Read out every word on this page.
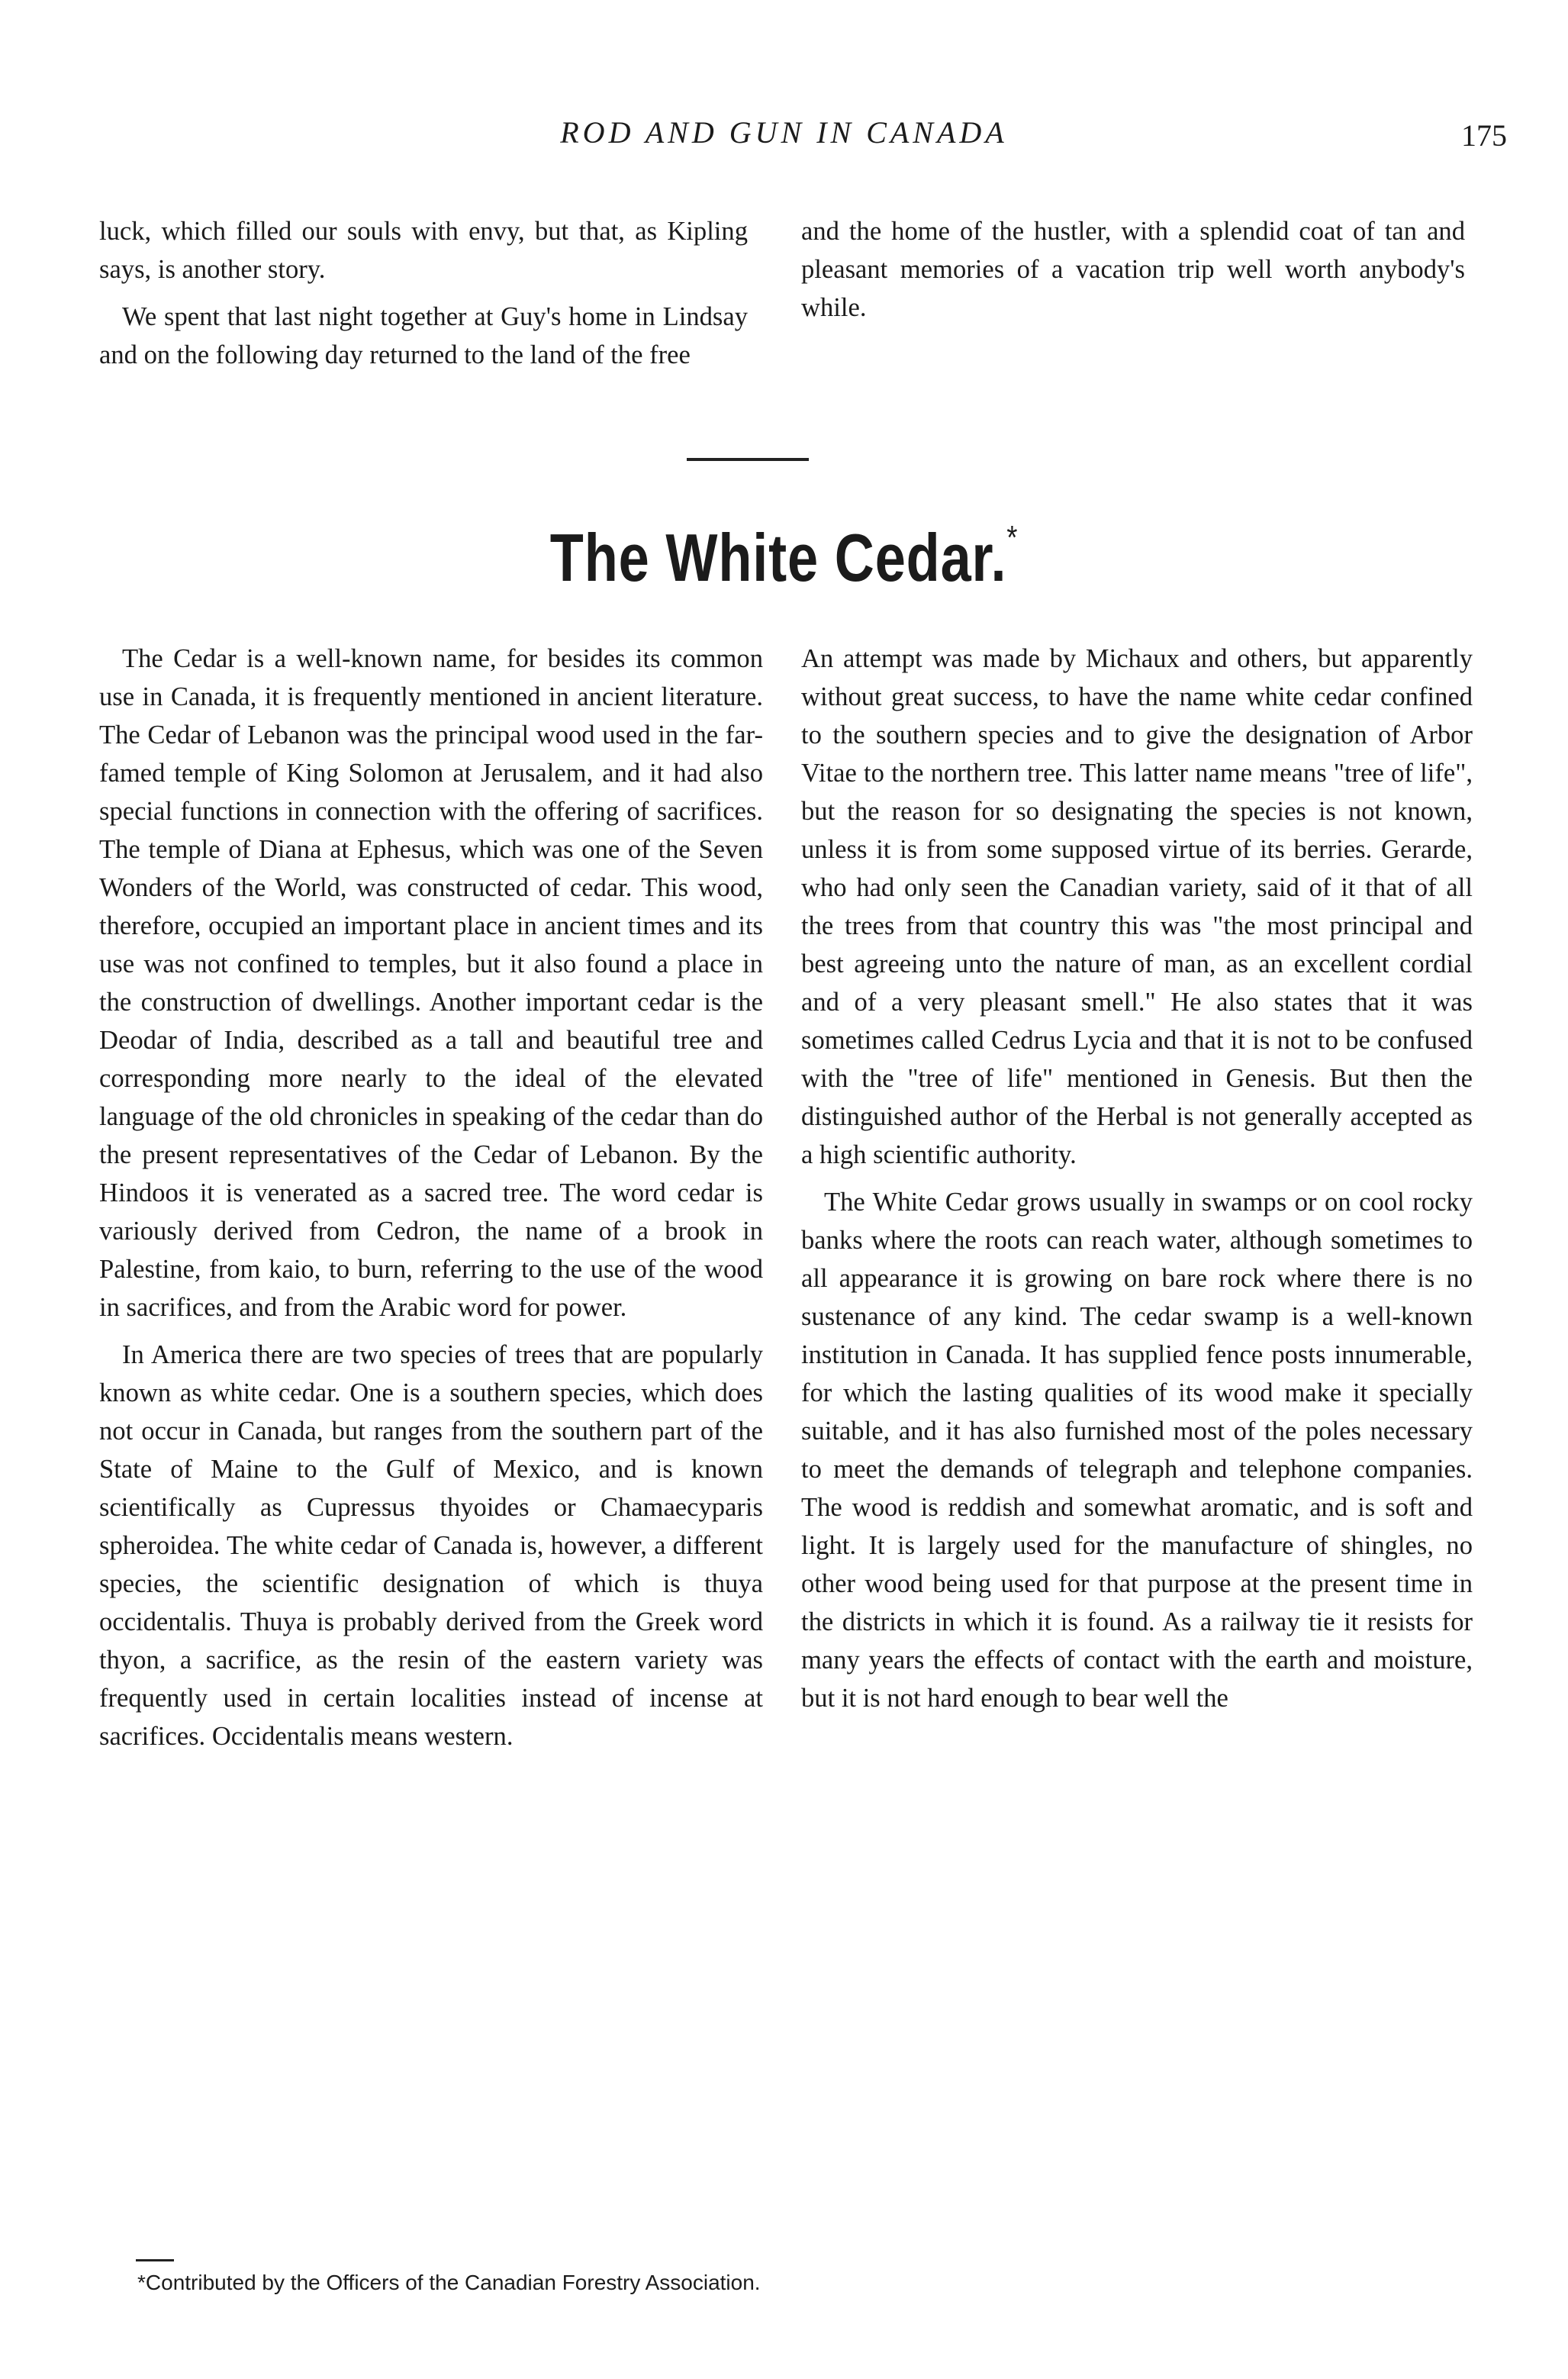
ROD AND GUN IN CANADA	175

luck, which filled our souls with envy, but that, as Kipling says, is another story.

We spent that last night together at Guy's home in Lindsay and on the following day returned to the land of the free

and the home of the hustler, with a splendid coat of tan and pleasant memories of a vacation trip well worth anybody's while.

The White Cedar.*

The Cedar is a well-known name, for besides its common use in Canada, it is frequently mentioned in ancient literature. The Cedar of Lebanon was the principal wood used in the far-famed temple of King Solomon at Jerusalem, and it had also special functions in connection with the offering of sacrifices. The temple of Diana at Ephesus, which was one of the Seven Wonders of the World, was constructed of cedar. This wood, therefore, occupied an important place in ancient times and its use was not confined to temples, but it also found a place in the construction of dwellings. Another important cedar is the Deodar of India, described as a tall and beautiful tree and corresponding more nearly to the ideal of the elevated language of the old chronicles in speaking of the cedar than do the present representatives of the Cedar of Lebanon. By the Hindoos it is venerated as a sacred tree. The word cedar is variously derived from Cedron, the name of a brook in Palestine, from kaio, to burn, referring to the use of the wood in sacrifices, and from the Arabic word for power.

In America there are two species of trees that are popularly known as white cedar. One is a southern species, which does not occur in Canada, but ranges from the southern part of the State of Maine to the Gulf of Mexico, and is known scientifically as Cupressus thyoides or Chamaecyparis spheroidea. The white cedar of Canada is, however, a different species, the scientific designation of which is thuya occidentalis. Thuya is probably derived from the Greek word thyon, a sacrifice, as the resin of the eastern variety was frequently used in certain localities instead of incense at sacrifices. Occidentalis means western.

An attempt was made by Michaux and others, but apparently without great success, to have the name white cedar confined to the southern species and to give the designation of Arbor Vitae to the northern tree. This latter name means "tree of life", but the reason for so designating the species is not known, unless it is from some supposed virtue of its berries. Gerarde, who had only seen the Canadian variety, said of it that of all the trees from that country this was "the most principal and best agreeing unto the nature of man, as an excellent cordial and of a very pleasant smell." He also states that it was sometimes called Cedrus Lycia and that it is not to be confused with the "tree of life" mentioned in Genesis. But then the distinguished author of the Herbal is not generally accepted as a high scientific authority.

The White Cedar grows usually in swamps or on cool rocky banks where the roots can reach water, although sometimes to all appearance it is growing on bare rock where there is no sustenance of any kind. The cedar swamp is a well-known institution in Canada. It has supplied fence posts innumerable, for which the lasting qualities of its wood make it specially suitable, and it has also furnished most of the poles necessary to meet the demands of telegraph and telephone companies. The wood is reddish and somewhat aromatic, and is soft and light. It is largely used for the manufacture of shingles, no other wood being used for that purpose at the present time in the districts in which it is found. As a railway tie it resists for many years the effects of contact with the earth and moisture, but it is not hard enough to bear well the

*Contributed by the Officers of the Canadian Forestry Association.
